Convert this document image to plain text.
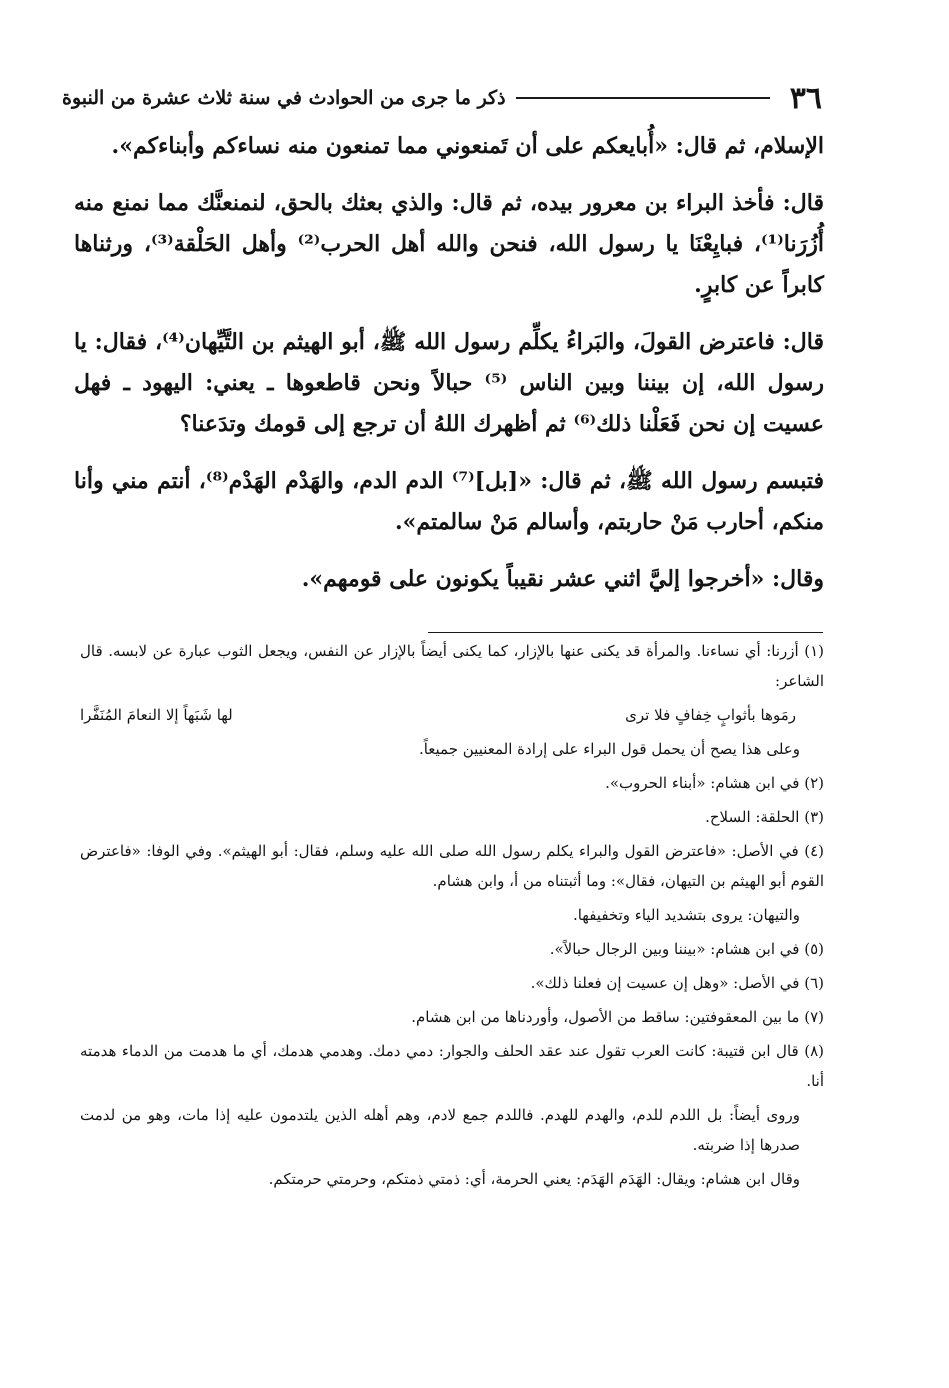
٣٦
ذكر ما جرى من الحوادث في سنة ثلاث عشرة من النبوة

الإسلام، ثم قال: «أُبايعكم على أن تَمنعوني مما تمنعون منه نساءكم وأبناءكم».

قال: فأخذ البراء بن معرور بيده، ثم قال: والذي بعثك بالحق، لنمنعنَّك مما نمنع منه أُزُرَنا⁽¹⁾، فبايِعْنَا يا رسول الله، فنحن والله أهل الحرب⁽²⁾ وأهل الحَلْقة⁽³⁾، ورثناها كابراً عن كابرٍ.

قال: فاعترض القولَ، والبَراءُ يكلِّم رسول الله ﷺ، أبو الهيثم بن التَّيِّهان⁽⁴⁾، فقال: يا رسول الله، إن بيننا وبين الناس ⁽⁵⁾ حبالاً ونحن قاطعوها ـ يعني: اليهود ـ فهل عسيت إن نحن فَعَلْنا ذلك⁽⁶⁾ ثم أظهرك اللهُ أن ترجع إلى قومك وتدَعنا؟

فتبسم رسول الله ﷺ، ثم قال: «[بل]⁽⁷⁾ الدم الدم، والهَدْم الهَدْم⁽⁸⁾، أنتم مني وأنا منكم، أحارب مَنْ حاربتم، وأسالم مَنْ سالمتم».

وقال: «أخرجوا إليَّ اثني عشر نقيباً يكونون على قومهم».

(١) أزرنا: أي نساءنا. والمرأة قد يكنى عنها بالإزار، كما يكنى أيضاً بالإزار عن النفس، ويجعل الثوب عبارة عن لابسه. قال الشاعر:

رمَوها بأثوابٍ خِفافٍ فلا ترى
لها شَبَهاً إلا النعامَ المُنَفَّرا

وعلى هذا يصح أن يحمل قول البراء على إرادة المعنيين جميعاً.

(٢) في ابن هشام: «أبناء الحروب».

(٣) الحلقة: السلاح.

(٤) في الأصل: «فاعترض القول والبراء يكلم رسول الله صلى الله عليه وسلم، فقال: أبو الهيثم». وفي الوفا: «فاعترض القوم أبو الهيثم بن التيهان، فقال»: وما أثبتناه من أ، وابن هشام.

والتيهان: يروى بتشديد الياء وتخفيفها.

(٥) في ابن هشام: «بيننا وبين الرجال حبالاً».

(٦) في الأصل: «وهل إن عسيت إن فعلنا ذلك».

(٧) ما بين المعقوفتين: ساقط من الأصول، وأوردناها من ابن هشام.

(٨) قال ابن قتيبة: كانت العرب تقول عند عقد الحلف والجوار: دمي دمك. وهدمي هدمك، أي ما هدمت من الدماء هدمته أنا.

وروى أيضاً: بل اللدم للدم، والهدم للهدم. فاللدم جمع لادم، وهم أهله الذين يلتدمون عليه إذا مات، وهو من لدمت صدرها إذا ضربته.

وقال ابن هشام: ويقال: الهَدَم الهَدَم: يعني الحرمة، أي: ذمتي ذمتكم، وحرمتي حرمتكم.
